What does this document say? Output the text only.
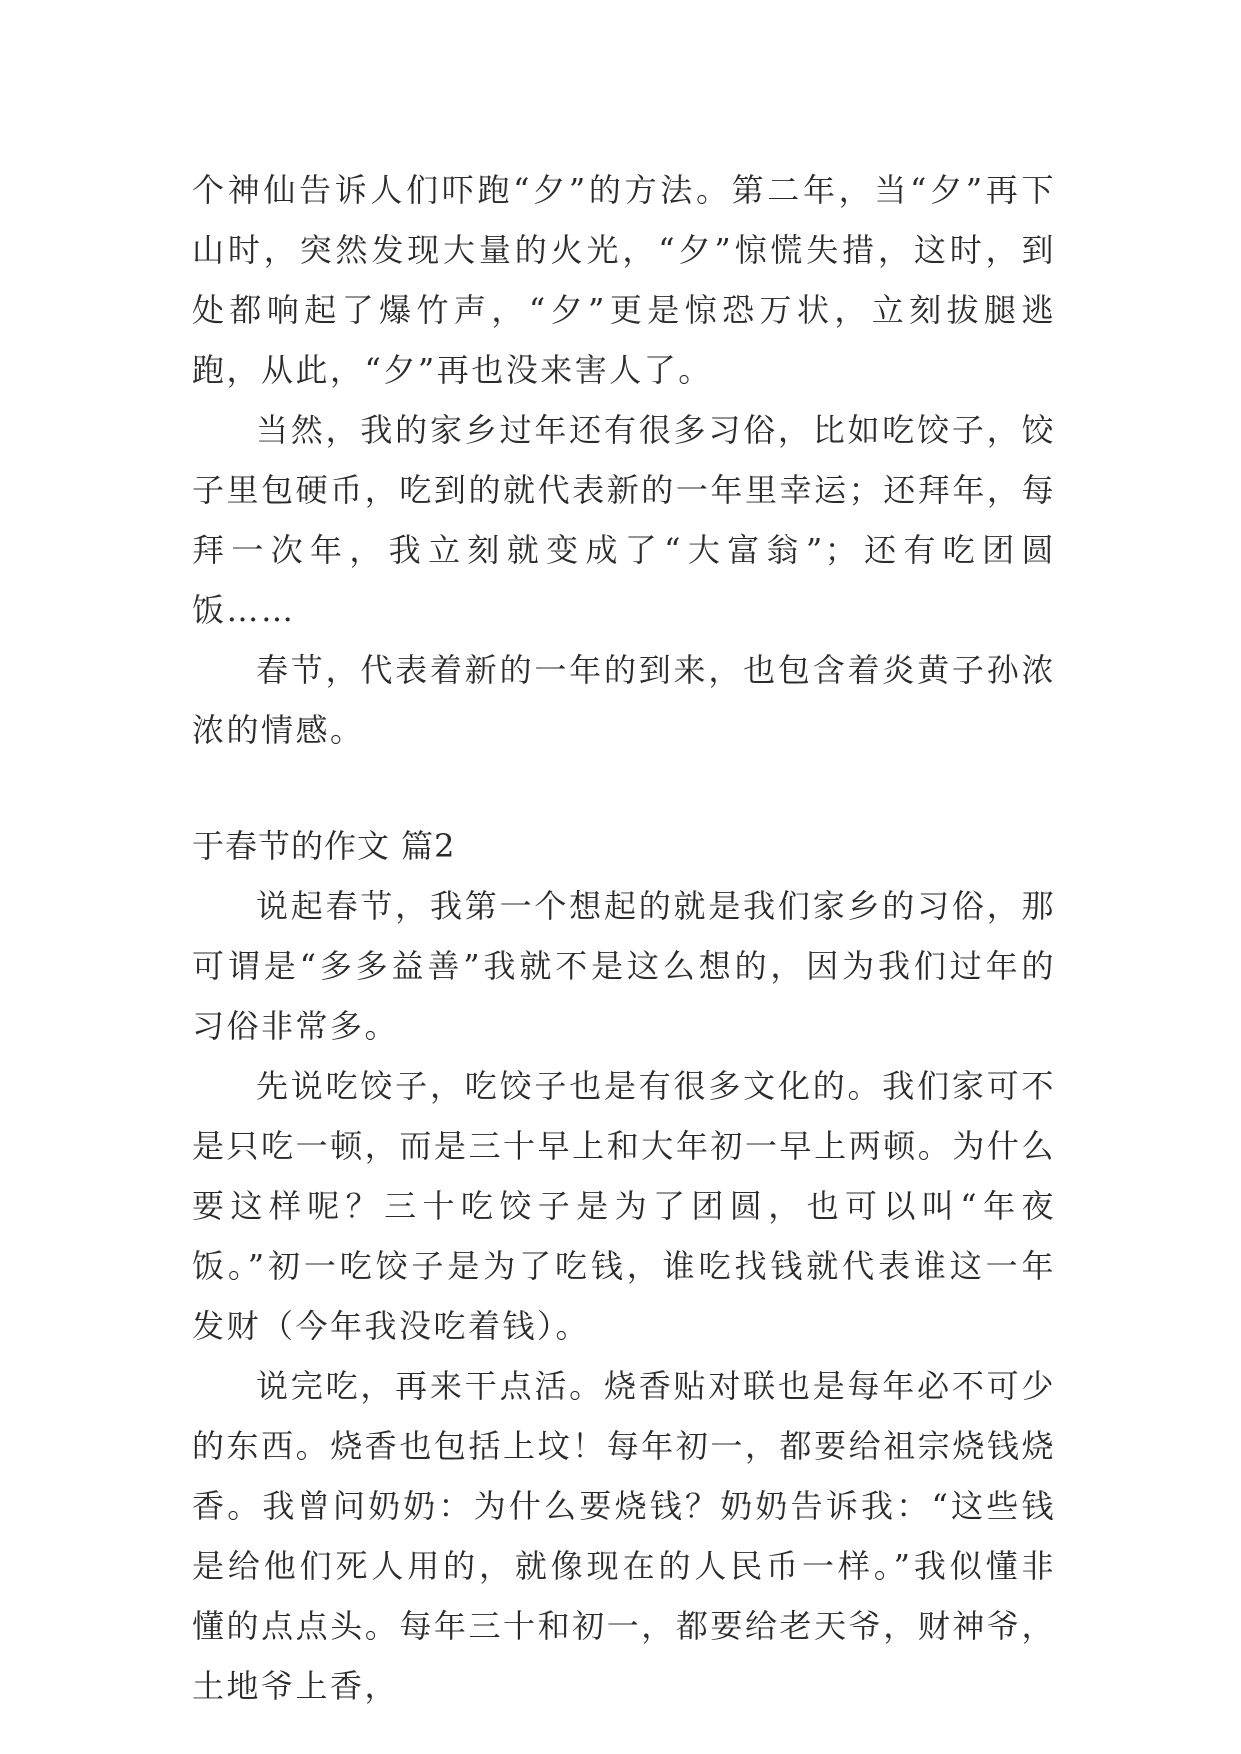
个神仙告诉人们吓跑“夕”的方法。第二年，当“夕”再下山时，突然发现大量的火光，“夕”惊慌失措，这时，到处都响起了爆竹声，“夕”更是惊恐万状，立刻拔腿逃跑，从此，“夕”再也没来害人了。

当然，我的家乡过年还有很多习俗，比如吃饺子，饺子里包硬币，吃到的就代表新的一年里幸运；还拜年，每拜一次年，我立刻就变成了“大富翁”；还有吃团圆饭……

春节，代表着新的一年的到来，也包含着炎黄子孙浓浓的情感。

于春节的作文 篇2

说起春节，我第一个想起的就是我们家乡的习俗，那可谓是“多多益善”我就不是这么想的，因为我们过年的习俗非常多。

先说吃饺子，吃饺子也是有很多文化的。我们家可不是只吃一顿，而是三十早上和大年初一早上两顿。为什么要这样呢？三十吃饺子是为了团圆，也可以叫“年夜饭。”初一吃饺子是为了吃钱，谁吃找钱就代表谁这一年发财（今年我没吃着钱）。

说完吃，再来干点活。烧香贴对联也是每年必不可少的东西。烧香也包括上坟！每年初一，都要给祖宗烧钱烧香。我曾问奶奶：为什么要烧钱？奶奶告诉我：“这些钱是给他们死人用的，就像现在的人民币一样。”我似懂非懂的点点头。每年三十和初一，都要给老天爷，财神爷，土地爷上香，
